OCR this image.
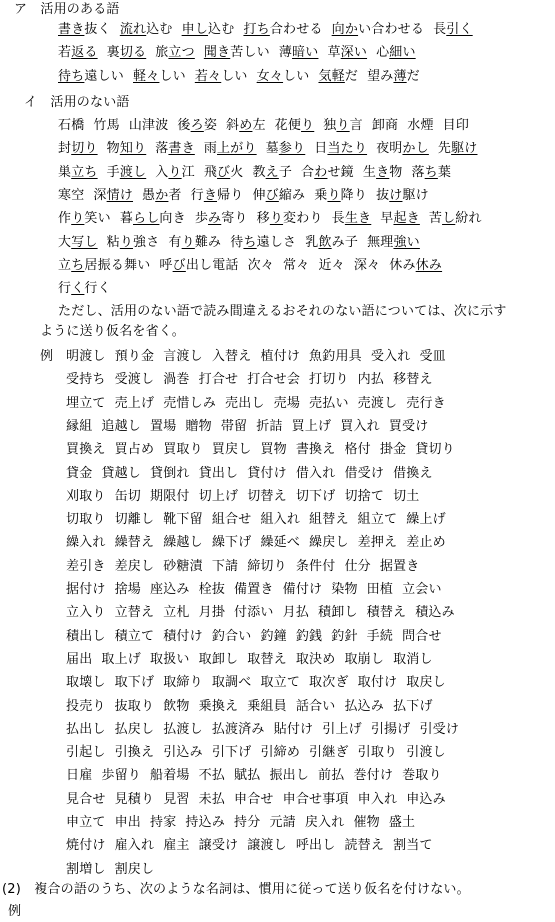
ア　活用のある語
書き抜く 流れ込む 申し込む 打ち合わせる 向かい合わせる 長引く
若返る 裏切る 旅立つ 聞き苦しい 薄暗い 草深い 心細い
待ち遠しい 軽々しい 若々しい 女々しい 気軽だ 望み薄だ
イ　活用のない語
石橋 竹馬 山津波 後ろ姿 斜め左 花便り 独り言 卸商 水煙 目印
封切り 物知り 落書き 雨上がり 墓参り 日当たり 夜明かし 先駆け
巣立ち 手渡し 入り江 飛び火 教え子 合わせ鏡 生き物 落ち葉
寒空 深情け 愚か者 行き帰り 伸び縮み 乗り降り 抜け駆け
作り笑い 暮らし向き 歩み寄り 移り変わり 長生き 早起き 苦し紛れ
大写し 粘り強さ 有り難み 待ち遠しさ 乳飲み子 無理強い
立ち居振る舞い 呼び出し電話 次々 常々 近々 深々 休み休み
行く行く
ただし、活用のない語で読み間違えるおそれのない語については、次に示す
ように送り仮名を省く。
例 明渡し 預り金 言渡し 入替え 植付け 魚釣用具 受入れ 受皿
受持ち 受渡し 渦巻 打合せ 打合せ会 打切り 内払 移替え
埋立て 売上げ 売惜しみ 売出し 売場 売払い 売渡し 売行き
縁組 追越し 置場 贈物 帯留 折詰 買上げ 買入れ 買受け
買換え 買占め 買取り 買戻し 買物 書換え 格付 掛金 貸切り
貸金 貸越し 貸倒れ 貸出し 貸付け 借入れ 借受け 借換え
刈取り 缶切 期限付 切上げ 切替え 切下げ 切捨て 切土
切取り 切離し 靴下留 組合せ 組入れ 組替え 組立て 繰上げ
繰入れ 繰替え 繰越し 繰下げ 繰延べ 繰戻し 差押え 差止め
差引き 差戻し 砂糖漬 下請 締切り 条件付 仕分 据置き
据付け 捨場 座込み 栓抜 備置き 備付け 染物 田植 立会い
立入り 立替え 立札 月掛 付添い 月払 積卸し 積替え 積込み
積出し 積立て 積付け 釣合い 釣鐘 釣銭 釣針 手続 問合せ
届出 取上げ 取扱い 取卸し 取替え 取決め 取崩し 取消し
取壊し 取下げ 取締り 取調べ 取立て 取次ぎ 取付け 取戻し
投売り 抜取り 飲物 乗換え 乗組員 話合い 払込み 払下げ
払出し 払戻し 払渡し 払渡済み 貼付け 引上げ 引揚げ 引受け
引起し 引換え 引込み 引下げ 引締め 引継ぎ 引取り 引渡し
日雇 歩留り 船着場 不払 賦払 振出し 前払 巻付け 巻取り
見合せ 見積り 見習 未払 申合せ 申合せ事項 申入れ 申込み
申立て 申出 持家 持込み 持分 元請 戻入れ 催物 盛土
焼付け 雇入れ 雇主 譲受け 譲渡し 呼出し 読替え 割当て
割増し 割戻し
(2)　複合の語のうち、次のような名詞は、慣用に従って送り仮名を付けない。
例
